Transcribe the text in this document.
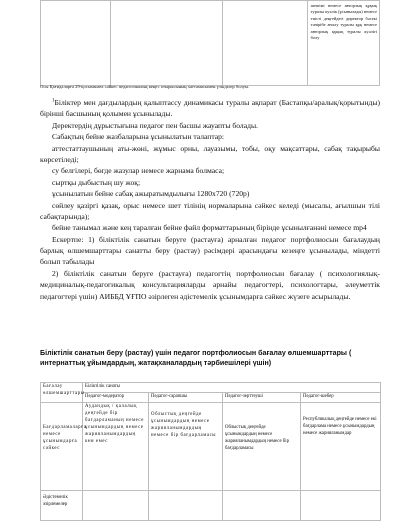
шешімі немесе авторлық құқық туралы куәлік (ұсынылады) немесе тиісті деңгейдегі директор бәсекі тәнірібе ағылу туралы құқ немесе авторлық құқық туралы куәлігі болу
Осы Қағидаларға 29-қосымшаға сәйкес педагогикалық кеңес отырысының хаттамасымен үзінділер болуы.

$^1$Біліктер мен дағдылардың қалыптассу динамикасы туралы ақпарат (Бастапқы/аралық/қорытынды) бірінші басшының қолымен ұсынылады.

Деректердің дұрыстығына педагог пен басшы жауапты болады.

Сабақтың бейне жазбаларына ұсынылатын талаптар:

аттестаттаушының аты-жөні, жұмыс орны, лауазымы, тобы, оқу мақсаттары, сабақ тақырыбы көрсетіледі;

су белгілері, бөгде жазулар немесе жарнама болмаса;

сыртқы дыбыстың шу жоқ;

ұсынылатын бейне сабақ ажыратымдылығы 1280х720 (720р)

сөйлеу қазіргі қазақ, орыс немесе шет тілінің нормаларына сәйкес келеді (мысалы, ағылшын тілі сабақтарында);

бейне танымал және кең таралған бейне файл форматтарының бірінде ұсынылғанәні немесе mp4

Ескертпе: 1) біліктілік санатын беруге (растауға) арналған педагог портфолиосын бағалаудың барлық өлшемшарттары санатты беру (растау) рәсімдері арасындағы кезеңге ұсынылады, міндетті болып табылады

2) біліктілік санатын беруге (растауға) педагогтің портфолиосын бағалау ( психологиялық-медициналық-педагогикалық консультацияларды арнайы педагогтері, психологтары, әлеуметтік педагогтері үшін) АИББД ҰҒПО әзірлеген әдістемелік ұсынымдарға сәйкес жүзеге асырылады.

Біліктілік санатын беру (растау) үшін педагог портфолиосын бағалау өлшемшарттары ( интернаттық ұйымдардың, жатақханалардың тәрбиешілері үшін)
Бағалау өлшемшарттары	Біліктілік санаты			
	Педагог-модератор	Педагог-сарапшы	Педагог-зерттеуші	Педагог-шебер
Бағдарламаларға немесе ұсынымдарға сәйкес	Аудандық / қалалық деңгейде бір бағдарламаның немесе ұсынымдардың немесе жарияланымдардың кем емес	Облыстық деңгейде ұсынымдардың немесе жарияланымдардың немесе бір бағдарламасы	Облыстық деңгейде ұсынымдардың немесе жарияланымдардың немесе бір бағдарламасы	Республикалық деңгейде немесе екі бағдарлама немесе ұсынымдардың немесе жарияланымдар
Әдістемелік әзірлемелер				
